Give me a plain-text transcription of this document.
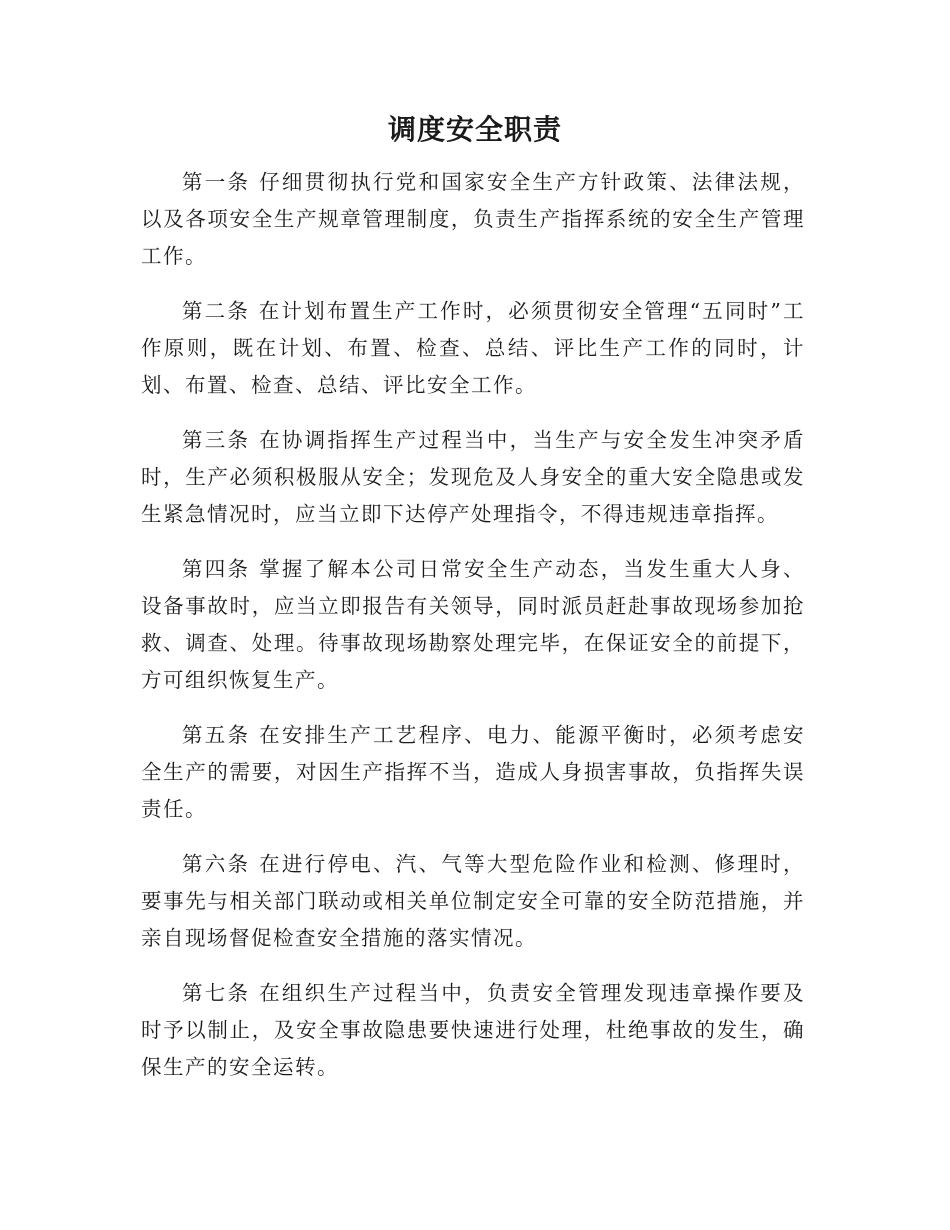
调度安全职责

第一条 仔细贯彻执行党和国家安全生产方针政策、法律法规，以及各项安全生产规章管理制度，负责生产指挥系统的安全生产管理工作。

第二条 在计划布置生产工作时，必须贯彻安全管理“五同时”工作原则，既在计划、布置、检查、总结、评比生产工作的同时，计划、布置、检查、总结、评比安全工作。

第三条 在协调指挥生产过程当中，当生产与安全发生冲突矛盾时，生产必须积极服从安全；发现危及人身安全的重大安全隐患或发生紧急情况时，应当立即下达停产处理指令，不得违规违章指挥。

第四条 掌握了解本公司日常安全生产动态，当发生重大人身、设备事故时，应当立即报告有关领导，同时派员赶赴事故现场参加抢救、调查、处理。待事故现场勘察处理完毕，在保证安全的前提下，方可组织恢复生产。

第五条 在安排生产工艺程序、电力、能源平衡时，必须考虑安全生产的需要，对因生产指挥不当，造成人身损害事故，负指挥失误责任。

第六条 在进行停电、汽、气等大型危险作业和检测、修理时，要事先与相关部门联动或相关单位制定安全可靠的安全防范措施，并亲自现场督促检查安全措施的落实情况。

第七条 在组织生产过程当中，负责安全管理发现违章操作要及时予以制止，及安全事故隐患要快速进行处理，杜绝事故的发生，确保生产的安全运转。
